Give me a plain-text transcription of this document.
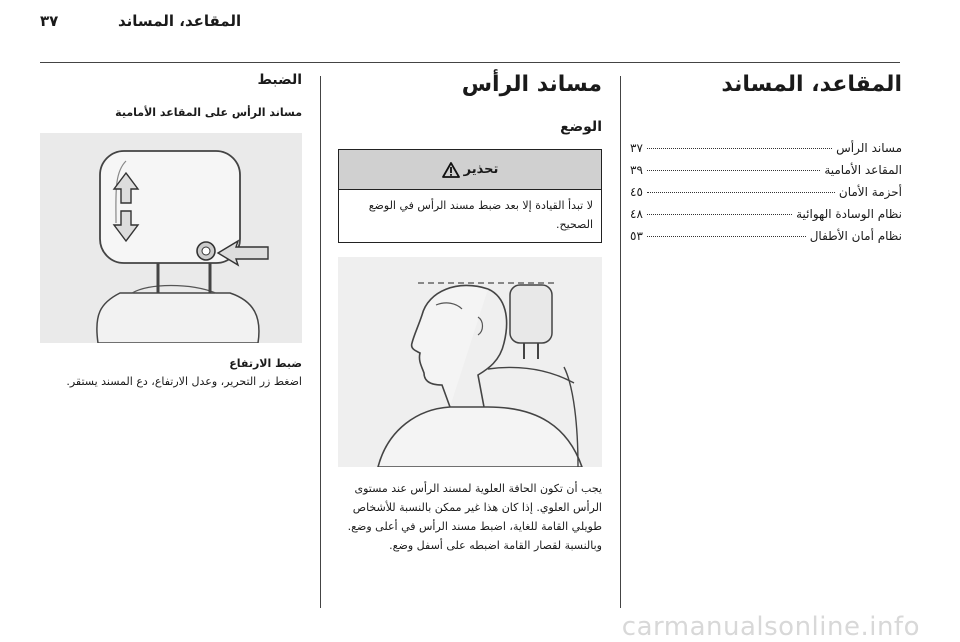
٣٧	المقاعد، المساند
المقاعد، المساند
مساند الرأس
٣٧
المقاعد الأمامية
٣٩
أحزمة الأمان
٤٥
نظام الوسادة الهوائية
٤٨
نظام أمان الأطفال
٥٣
مساند الرأس
الوضع
تحذير

لا تبدأ القيادة إلا بعد ضبط مسند الرأس في الوضع الصحيح.

يجب أن تكون الحافة العلوية لمسند الرأس عند مستوى الرأس العلوي. إذا كان هذا غير ممكن بالنسبة للأشخاص طويلي القامة للغاية، اضبط مسند الرأس في أعلى وضع. وبالنسبة لقصار القامة اضبطه على أسفل وضع.

الضبط
مساند الرأس على المقاعد الأمامية
ضبط الارتفاع

اضغط زر التحرير، وعدل الارتفاع، دع المسند يستقر.

carmanualsonline.info
